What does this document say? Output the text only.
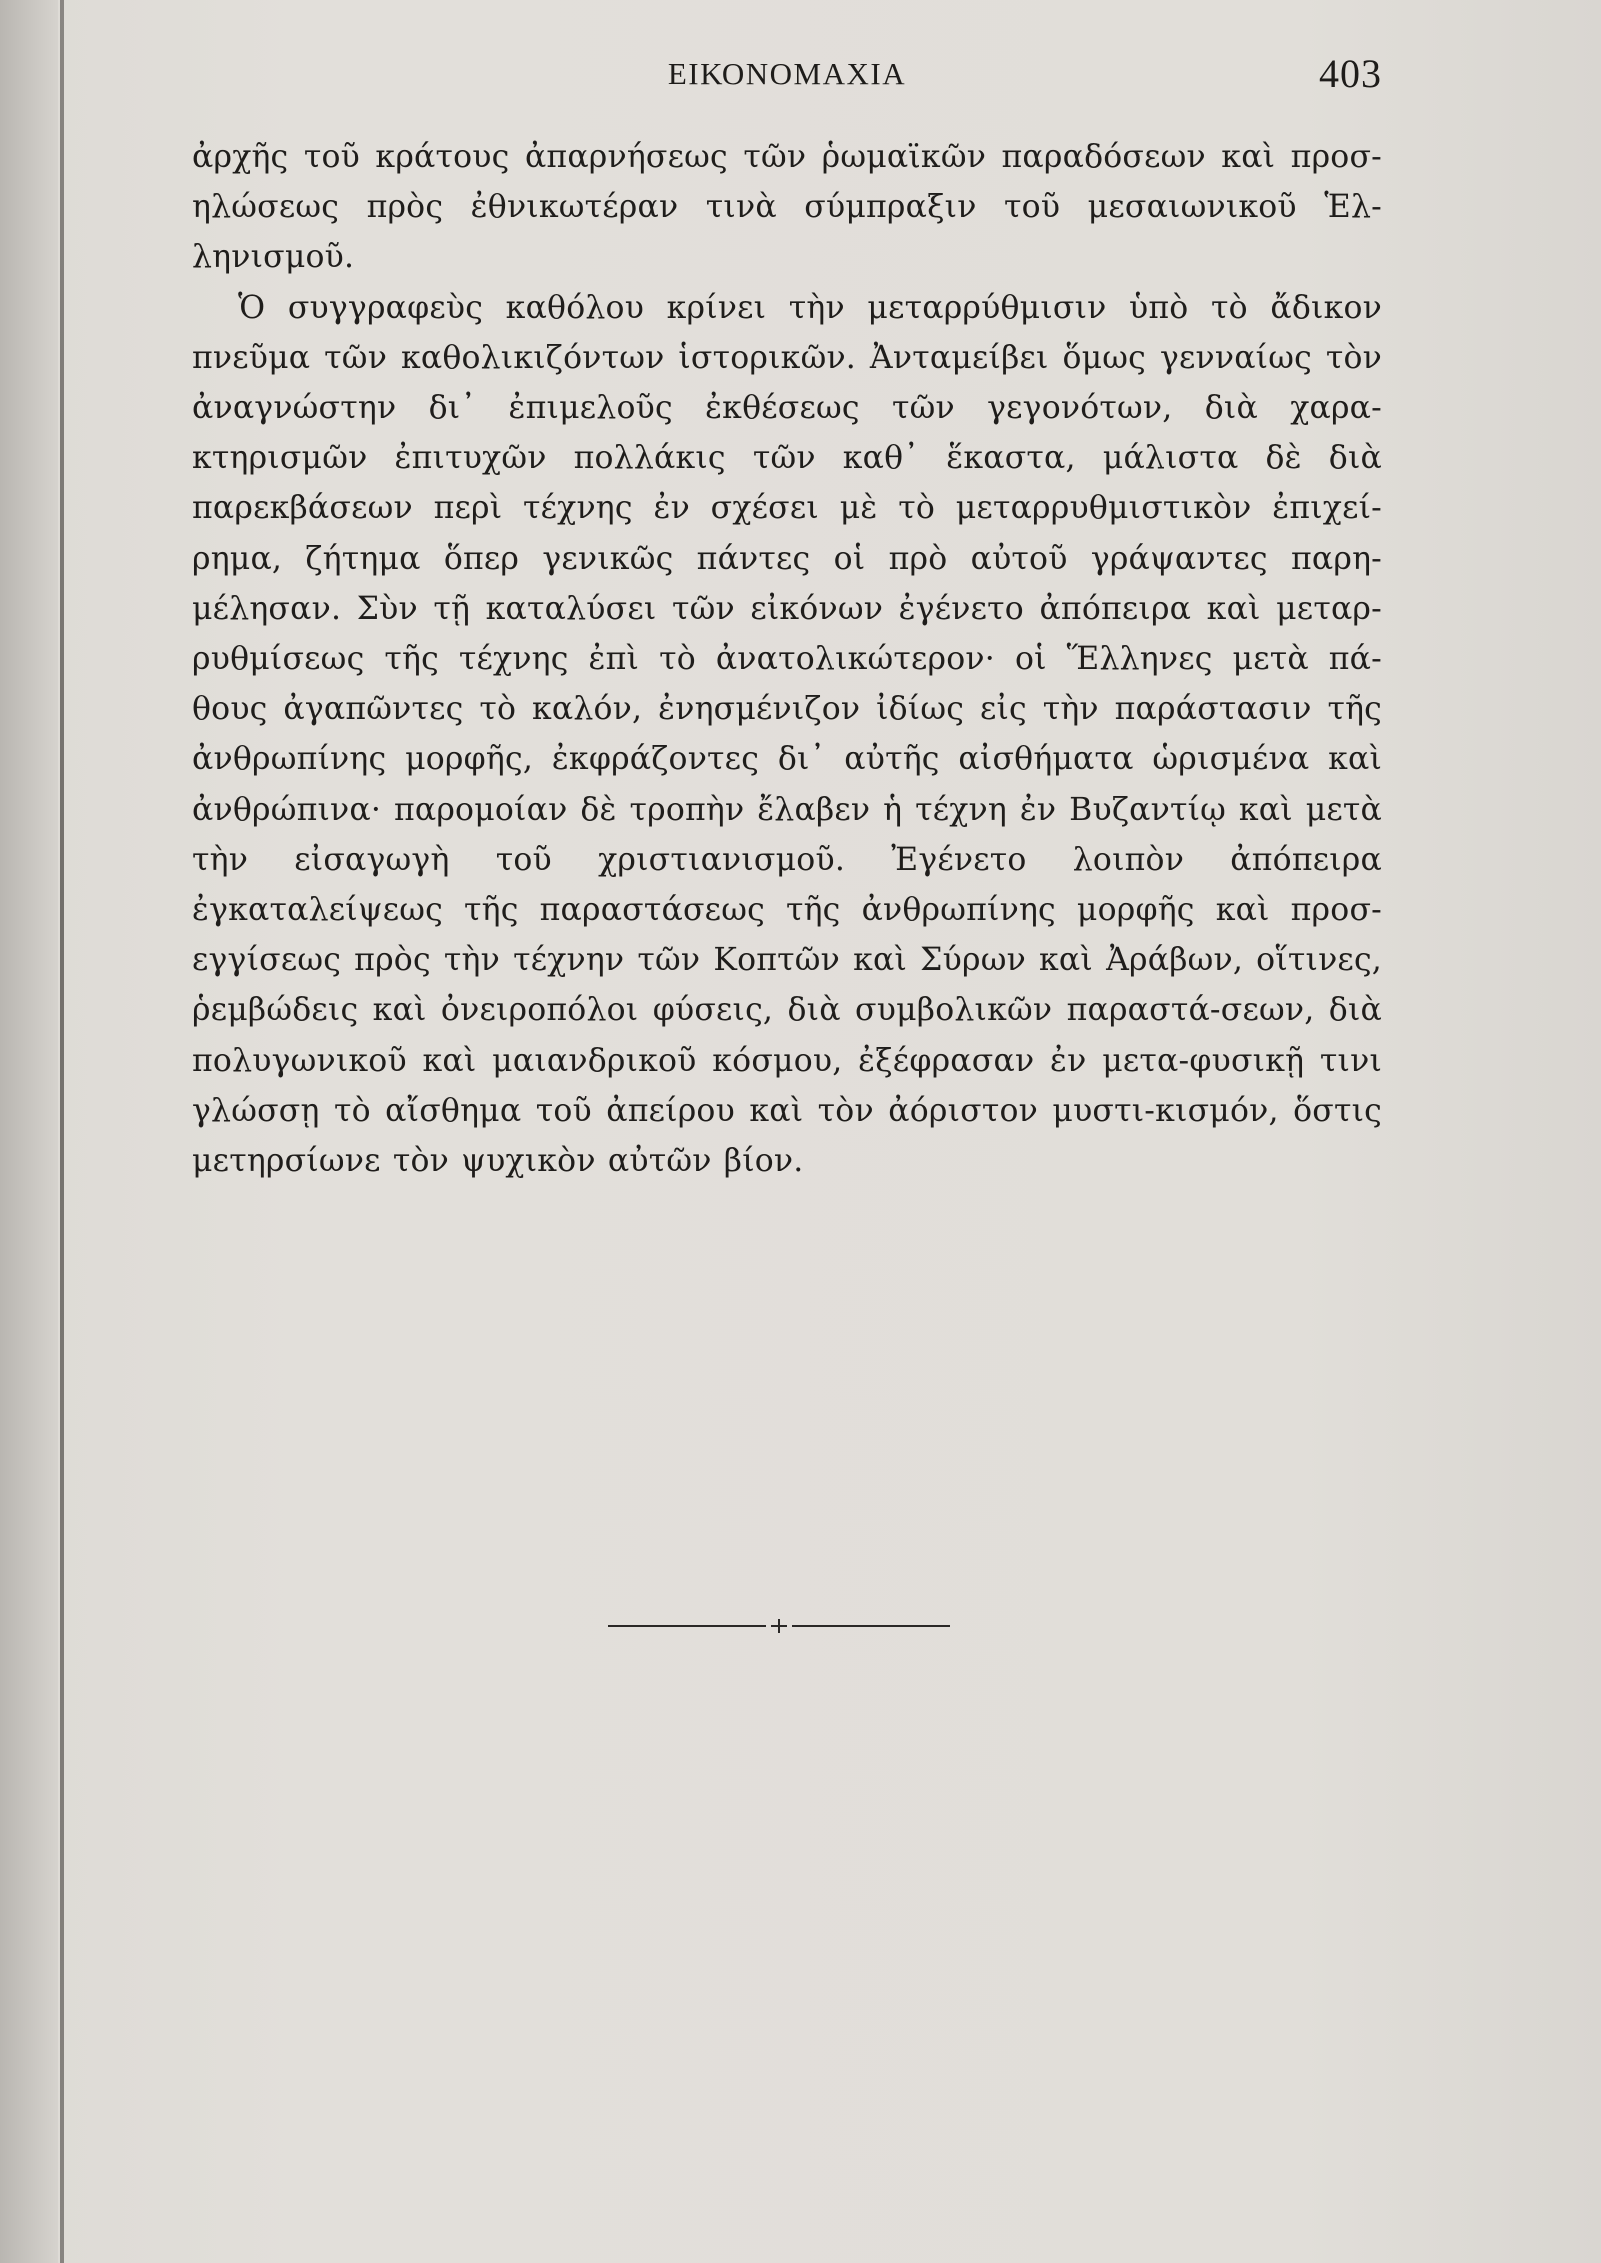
ΕΙΚΟΝΟΜΑΧΙΑ	403

ἀρχῆς τοῦ κράτους ἀπαρνήσεως τῶν ῥωμαϊκῶν παραδόσεων καὶ προσ-ηλώσεως πρὸς ἐθνικωτέραν τινὰ σύμπραξιν τοῦ μεσαιωνικοῦ Ἑλ-ληνισμοῦ.

Ὁ συγγραφεὺς καθόλου κρίνει τὴν μεταρρύθμισιν ὑπὸ τὸ ἄδικον πνεῦμα τῶν καθολικιζόντων ἱστορικῶν. Ἀνταμείβει ὅμως γενναίως τὸν ἀναγνώστην δι᾿ ἐπιμελοῦς ἐκθέσεως τῶν γεγονότων, διὰ χαρα-κτηρισμῶν ἐπιτυχῶν πολλάκις τῶν καθ᾿ ἕκαστα, μάλιστα δὲ διὰ παρεκβάσεων περὶ τέχνης ἐν σχέσει μὲ τὸ μεταρρυθμιστικὸν ἐπιχεί-ρημα, ζήτημα ὅπερ γενικῶς πάντες οἱ πρὸ αὐτοῦ γράψαντες παρη-μέλησαν. Σὺν τῇ καταλύσει τῶν εἰκόνων ἐγένετο ἀπόπειρα καὶ μεταρ-ρυθμίσεως τῆς τέχνης ἐπὶ τὸ ἀνατολικώτερον· οἱ Ἕλληνες μετὰ πά-θους ἀγαπῶντες τὸ καλόν, ἐνησμένιζον ἰδίως εἰς τὴν παράστασιν τῆς ἀνθρωπίνης μορφῆς, ἐκφράζοντες δι᾿ αὐτῆς αἰσθήματα ὡρισμένα καὶ ἀνθρώπινα· παρομοίαν δὲ τροπὴν ἔλαβεν ἡ τέχνη ἐν Βυζαντίῳ καὶ μετὰ τὴν εἰσαγωγὴ τοῦ χριστιανισμοῦ. Ἐγένετο λοιπὸν ἀπόπειρα ἐγκαταλείψεως τῆς παραστάσεως τῆς ἀνθρωπίνης μορφῆς καὶ προσ-εγγίσεως πρὸς τὴν τέχνην τῶν Κοπτῶν καὶ Σύρων καὶ Ἀράβων, οἵτινες, ῥεμβώδεις καὶ ὀνειροπόλοι φύσεις, διὰ συμβολικῶν παραστά-σεων, διὰ πολυγωνικοῦ καὶ μαιανδρικοῦ κόσμου, ἐξέφρασαν ἐν μετα-φυσικῇ τινι γλώσσῃ τὸ αἴσθημα τοῦ ἀπείρου καὶ τὸν ἀόριστον μυστι-κισμόν, ὅστις μετηρσίωνε τὸν ψυχικὸν αὐτῶν βίον.
